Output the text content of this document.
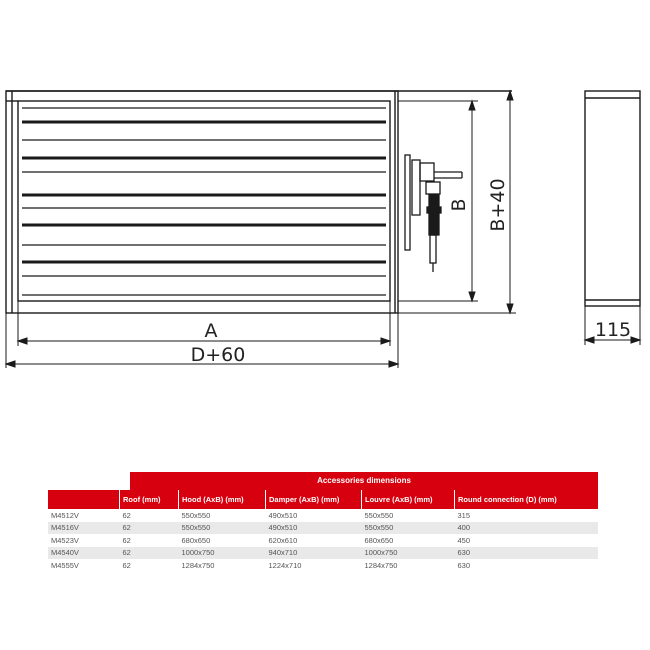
B B+40
A
D+60
115
Accessories dimensions
	Roof (mm)	Hood (AxB) (mm)	Damper (AxB) (mm)	Louvre (AxB) (mm)	Round connection (D) (mm)
M4512V	62	550x550	490x510	550x550	315
M4516V	62	550x550	490x510	550x550	400
M4523V	62	680x650	620x610	680x650	450
M4540V	62	1000x750	940x710	1000x750	630
M4555V	62	1284x750	1224x710	1284x750	630
